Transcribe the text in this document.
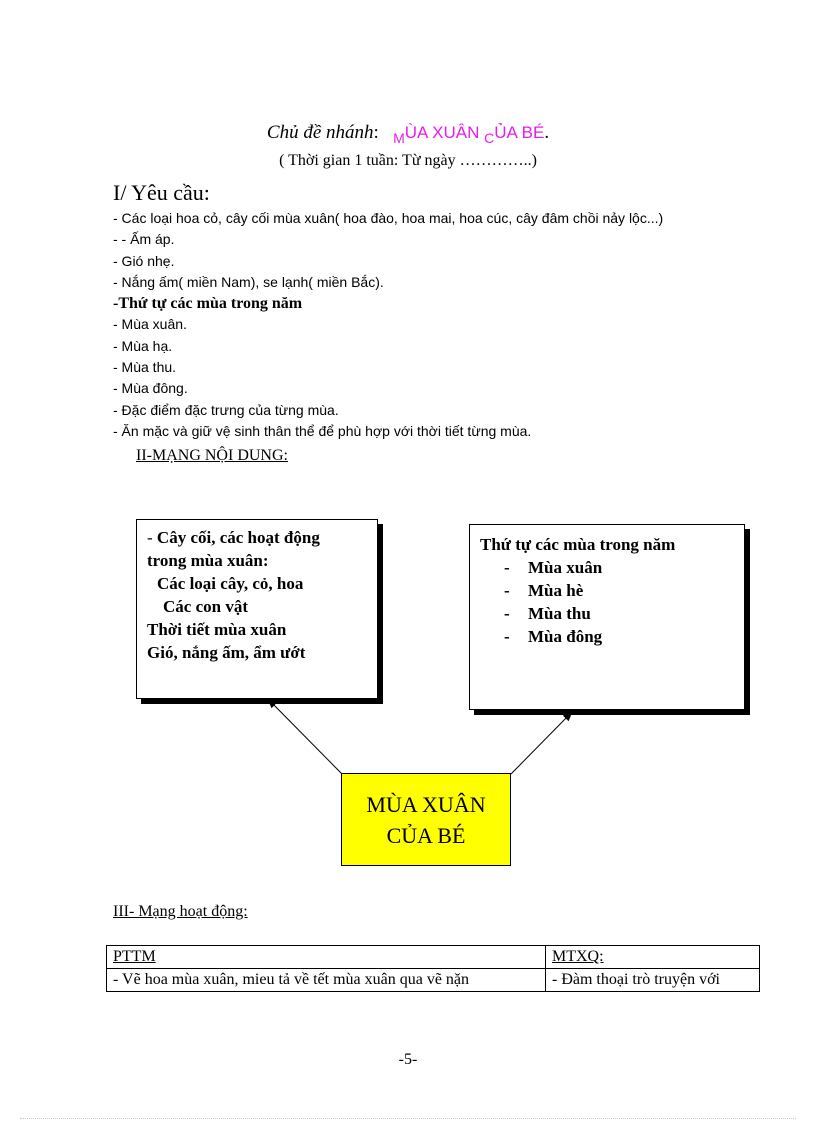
Chủ đề nhánh: $_M$ÙA XUÂN $_C$ỦA BÉ.
( Thời gian 1 tuần: Từ ngày …………..)
I/ Yêu cầu:
- Các loại hoa cỏ, cây cối mùa xuân( hoa đào, hoa mai, hoa cúc, cây đâm chồi nảy lộc...)
- - Ấm áp.
- Gió nhẹ.
- Nắng ấm( miền Nam), se lạnh( miền Bắc).
-Thứ tự các mùa trong năm
- Mùa xuân.
- Mùa hạ.
- Mùa thu.
- Mùa đông.
- Đặc điểm đặc trưng của từng mùa.
- Ăn mặc và giữ vệ sinh thân thể để phù hợp với thời tiết từng mùa.
II-MẠNG NỘI DUNG:
- Cây cối, các hoạt động
trong mùa xuân:
Các loại cây, cỏ, hoa
Các con vật
Thời tiết mùa xuân
Gió, nắng ấm, ẩm ướt
Thứ tự các mùa trong năm
-	Mùa xuân
-	Mùa hè
-	Mùa thu
-	Mùa đông
MÙA XUÂN
CỦA BÉ
III- Mạng hoạt động:
PTTM	MTXQ:
- Vẽ hoa mùa xuân, mieu tả về tết mùa xuân qua vẽ nặn	- Đàm thoại trò truyện với
-5-
